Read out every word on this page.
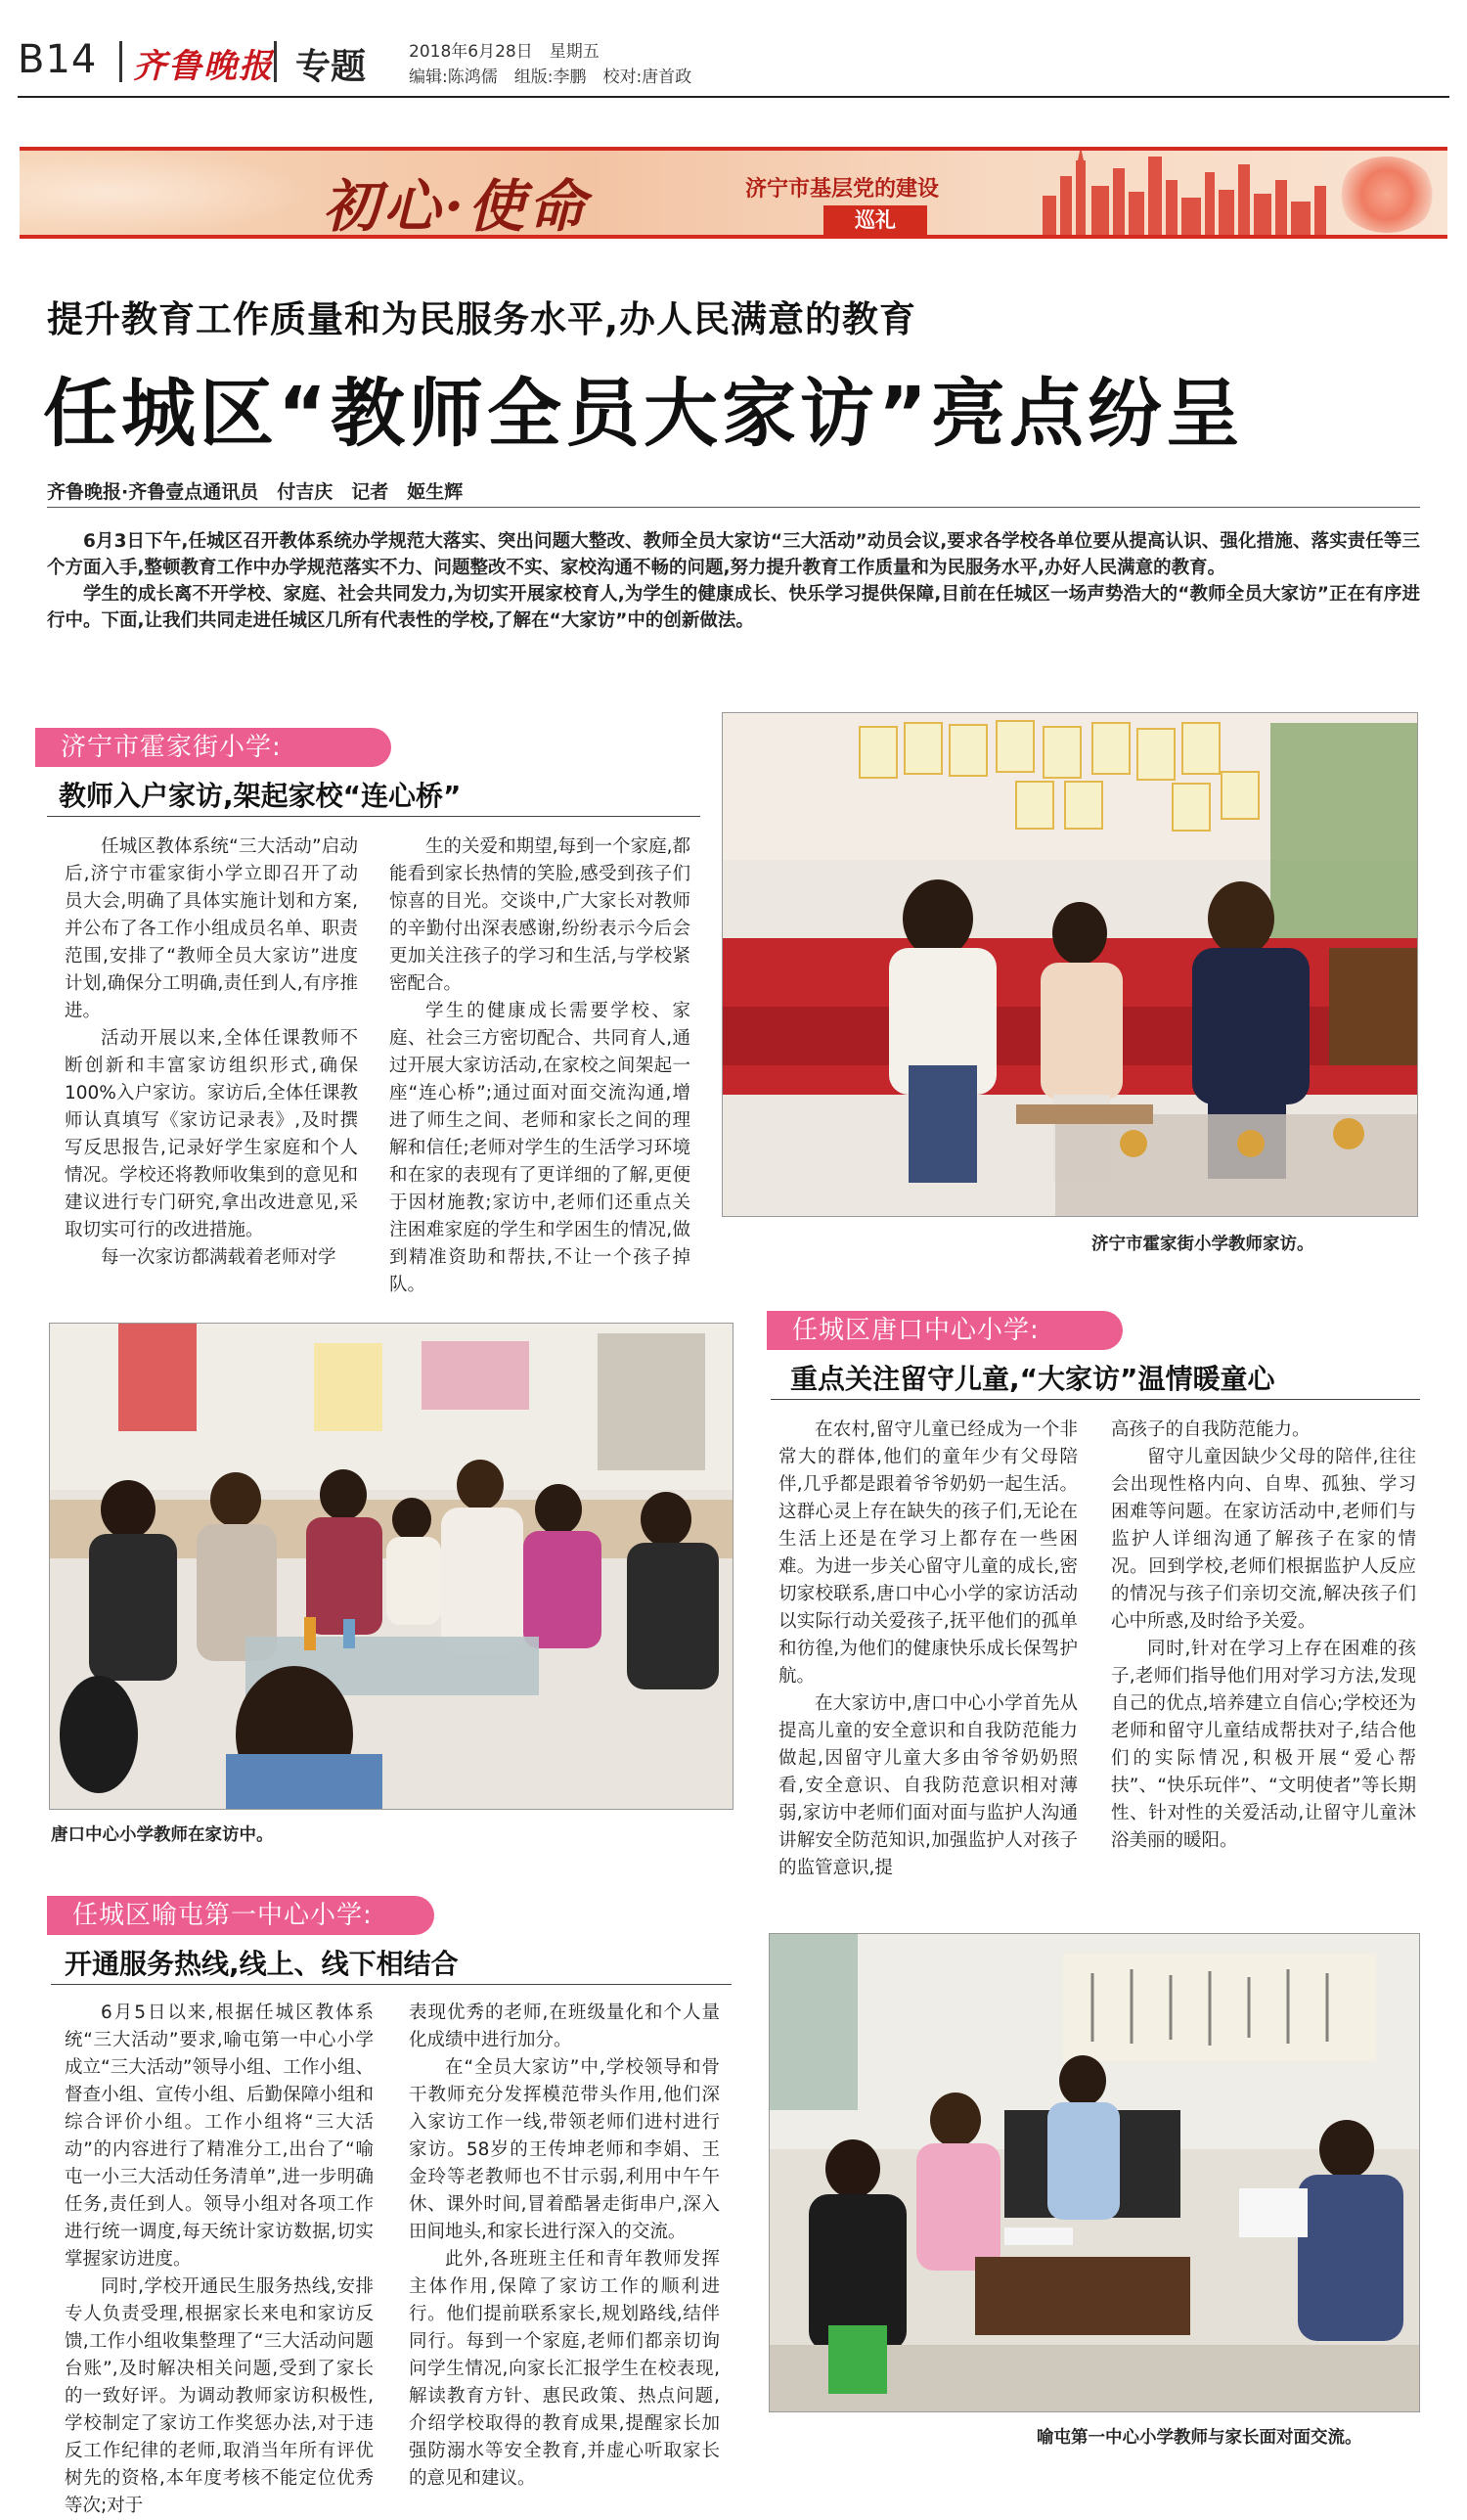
B14 齐鲁晚报 专题	2018年6月28日　星期五
编辑:陈鸿儒　组版:李鹏　校对:唐首政
初心·使命	济宁市基层党的建设
巡礼
提升教育工作质量和为民服务水平,办人民满意的教育
任城区“教师全员大家访”亮点纷呈
齐鲁晚报·齐鲁壹点通讯员　付吉庆　记者　姬生辉

6月3日下午,任城区召开教体系统办学规范大落实、突出问题大整改、教师全员大家访“三大活动”动员会议,要求各学校各单位要从提高认识、强化措施、落实责任等三个方面入手,整顿教育工作中办学规范落实不力、问题整改不实、家校沟通不畅的问题,努力提升教育工作质量和为民服务水平,办好人民满意的教育。

学生的成长离不开学校、家庭、社会共同发力,为切实开展家校育人,为学生的健康成长、快乐学习提供保障,目前在任城区一场声势浩大的“教师全员大家访”正在有序进行中。下面,让我们共同走进任城区几所有代表性的学校,了解在“大家访”中的创新做法。

济宁市霍家街小学:
教师入户家访,架起家校“连心桥”

任城区教体系统“三大活动”启动后,济宁市霍家街小学立即召开了动员大会,明确了具体实施计划和方案,并公布了各工作小组成员名单、职责范围,安排了“教师全员大家访”进度计划,确保分工明确,责任到人,有序推进。

活动开展以来,全体任课教师不断创新和丰富家访组织形式,确保100%入户家访。家访后,全体任课教师认真填写《家访记录表》,及时撰写反思报告,记录好学生家庭和个人情况。学校还将教师收集到的意见和建议进行专门研究,拿出改进意见,采取切实可行的改进措施。

每一次家访都满载着老师对学

生的关爱和期望,每到一个家庭,都能看到家长热情的笑脸,感受到孩子们惊喜的目光。交谈中,广大家长对教师的辛勤付出深表感谢,纷纷表示今后会更加关注孩子的学习和生活,与学校紧密配合。

学生的健康成长需要学校、家庭、社会三方密切配合、共同育人,通过开展大家访活动,在家校之间架起一座“连心桥”;通过面对面交流沟通,增进了师生之间、老师和家长之间的理解和信任;老师对学生的生活学习环境和在家的表现有了更详细的了解,更便于因材施教;家访中,老师们还重点关注困难家庭的学生和学困生的情况,做到精准资助和帮扶,不让一个孩子掉队。

济宁市霍家街小学教师家访。
唐口中心小学教师在家访中。
任城区唐口中心小学:
重点关注留守儿童,“大家访”温情暖童心

在农村,留守儿童已经成为一个非常大的群体,他们的童年少有父母陪伴,几乎都是跟着爷爷奶奶一起生活。这群心灵上存在缺失的孩子们,无论在生活上还是在学习上都存在一些困难。为进一步关心留守儿童的成长,密切家校联系,唐口中心小学的家访活动以实际行动关爱孩子,抚平他们的孤单和彷徨,为他们的健康快乐成长保驾护航。

在大家访中,唐口中心小学首先从提高儿童的安全意识和自我防范能力做起,因留守儿童大多由爷爷奶奶照看,安全意识、自我防范意识相对薄弱,家访中老师们面对面与监护人沟通讲解安全防范知识,加强监护人对孩子的监管意识,提

高孩子的自我防范能力。

留守儿童因缺少父母的陪伴,往往会出现性格内向、自卑、孤独、学习困难等问题。在家访活动中,老师们与监护人详细沟通了解孩子在家的情况。回到学校,老师们根据监护人反应的情况与孩子们亲切交流,解决孩子们心中所惑,及时给予关爱。

同时,针对在学习上存在困难的孩子,老师们指导他们用对学习方法,发现自己的优点,培养建立自信心;学校还为老师和留守儿童结成帮扶对子,结合他们的实际情况,积极开展“爱心帮扶”、“快乐玩伴”、“文明使者”等长期性、针对性的关爱活动,让留守儿童沐浴美丽的暖阳。

任城区喻屯第一中心小学:
开通服务热线,线上、线下相结合

6月5日以来,根据任城区教体系统“三大活动”要求,喻屯第一中心小学成立“三大活动”领导小组、工作小组、督查小组、宣传小组、后勤保障小组和综合评价小组。工作小组将“三大活动”的内容进行了精准分工,出台了“喻屯一小三大活动任务清单”,进一步明确任务,责任到人。领导小组对各项工作进行统一调度,每天统计家访数据,切实掌握家访进度。

同时,学校开通民生服务热线,安排专人负责受理,根据家长来电和家访反馈,工作小组收集整理了“三大活动问题台账”,及时解决相关问题,受到了家长的一致好评。为调动教师家访积极性,学校制定了家访工作奖惩办法,对于违反工作纪律的老师,取消当年所有评优树先的资格,本年度考核不能定位优秀等次;对于

表现优秀的老师,在班级量化和个人量化成绩中进行加分。

在“全员大家访”中,学校领导和骨干教师充分发挥模范带头作用,他们深入家访工作一线,带领老师们进村进行家访。58岁的王传坤老师和李娟、王金玲等老教师也不甘示弱,利用中午午休、课外时间,冒着酷暑走街串户,深入田间地头,和家长进行深入的交流。

此外,各班班主任和青年教师发挥主体作用,保障了家访工作的顺利进行。他们提前联系家长,规划路线,结伴同行。每到一个家庭,老师们都亲切询问学生情况,向家长汇报学生在校表现,解读教育方针、惠民政策、热点问题,介绍学校取得的教育成果,提醒家长加强防溺水等安全教育,并虚心听取家长的意见和建议。

喻屯第一中心小学教师与家长面对面交流。
